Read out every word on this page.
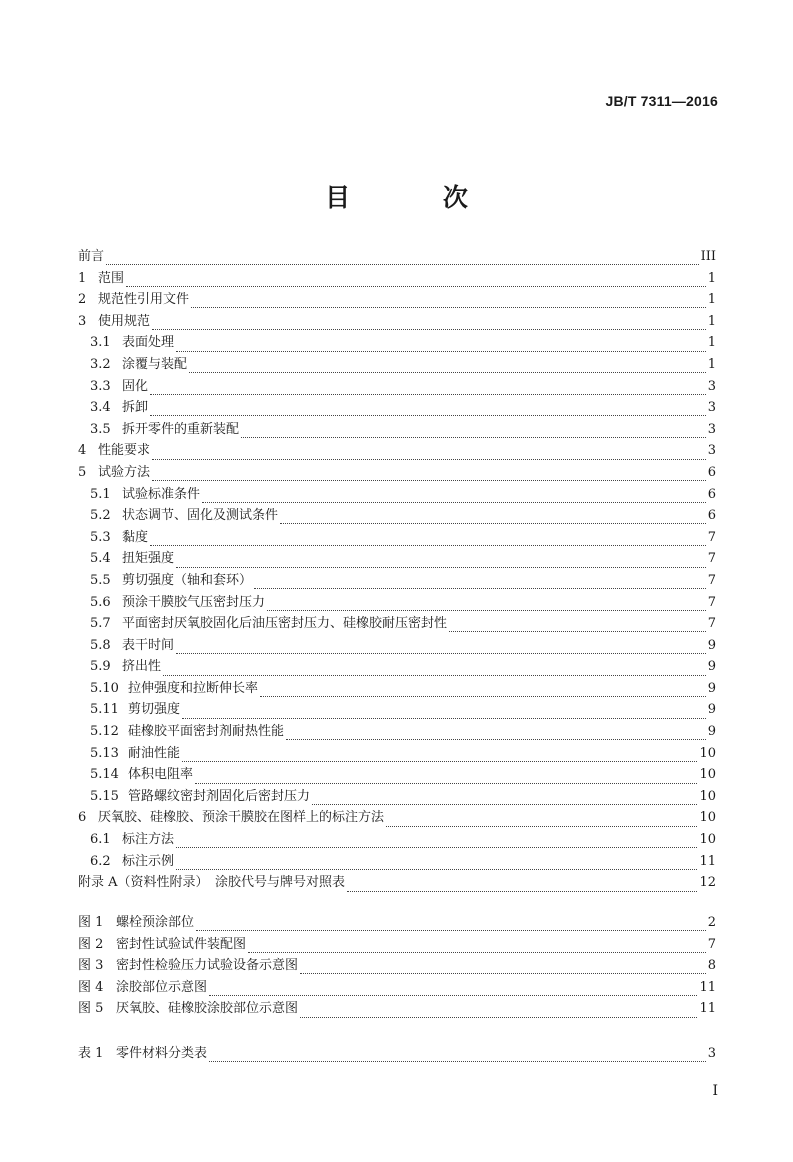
JB/T 7311—2016
目 次
前言	III
1 范围	1
2 规范性引用文件	1
3 使用规范	1
3.1 表面处理	1
3.2 涂覆与装配	1
3.3 固化	3
3.4 拆卸	3
3.5 拆开零件的重新装配	3
4 性能要求	3
5 试验方法	6
5.1 试验标准条件	6
5.2 状态调节、固化及测试条件	6
5.3 黏度	7
5.4 扭矩强度	7
5.5 剪切强度（轴和套环）	7
5.6 预涂干膜胶气压密封压力	7
5.7 平面密封厌氧胶固化后油压密封压力、硅橡胶耐压密封性	7
5.8 表干时间	9
5.9 挤出性	9
5.10 拉伸强度和拉断伸长率	9
5.11 剪切强度	9
5.12 硅橡胶平面密封剂耐热性能	9
5.13 耐油性能	10
5.14 体积电阻率	10
5.15 管路螺纹密封剂固化后密封压力	10
6 厌氧胶、硅橡胶、预涂干膜胶在图样上的标注方法	10
6.1 标注方法	10
6.2 标注示例	11
附录 A（资料性附录）　涂胶代号与牌号对照表	12
图 1 螺栓预涂部位	2
图 2 密封性试验试件装配图	7
图 3 密封性检验压力试验设备示意图	8
图 4 涂胶部位示意图	11
图 5 厌氧胶、硅橡胶涂胶部位示意图	11
表 1 零件材料分类表	3
I
